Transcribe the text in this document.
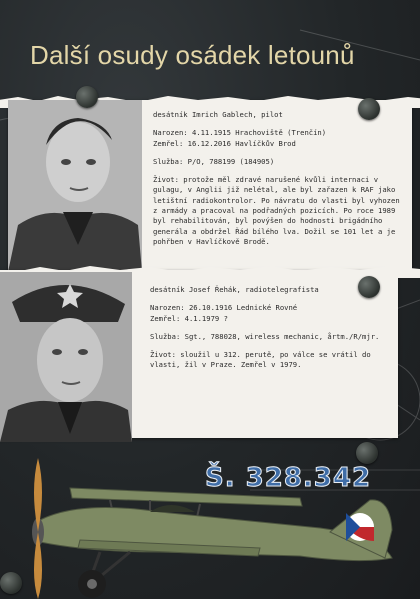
Další osudy osádek letounů
desátník Imrich Gablech, pilot
Narozen: 4.11.1915 Hrachoviště (Trenčín)
Zemřel: 16.12.2016 Havlíčkův Brod
Služba: P/O, 788199 (184905)
Život: protože měl zdravé narušené kvůli internaci v gulagu, v Anglii již nelétal, ale byl zařazen k RAF jako letištní radiokontrolor. Po návratu do vlasti byl vyhozen z armády a pracoval na podřadných pozicích. Po roce 1989 byl rehabilitován, byl povýšen do hodnosti brigádního generála a obdržel Řád bílého lva. Dožil se 101 let a je pohřben v Havlíčkově Brodě.
desátník Josef Řehák, radiotelegrafista
Narozen: 26.10.1916 Lednické Rovné
Zemřel: 4.1.1979 ?
Služba: Sgt., 788028, wireless mechanic, årtm./R/mjr.
Život: sloužil u 312. perutě, po válce se vrátil do vlasti, žil v Praze. Zemřel v 1979.
Š. 328.342
